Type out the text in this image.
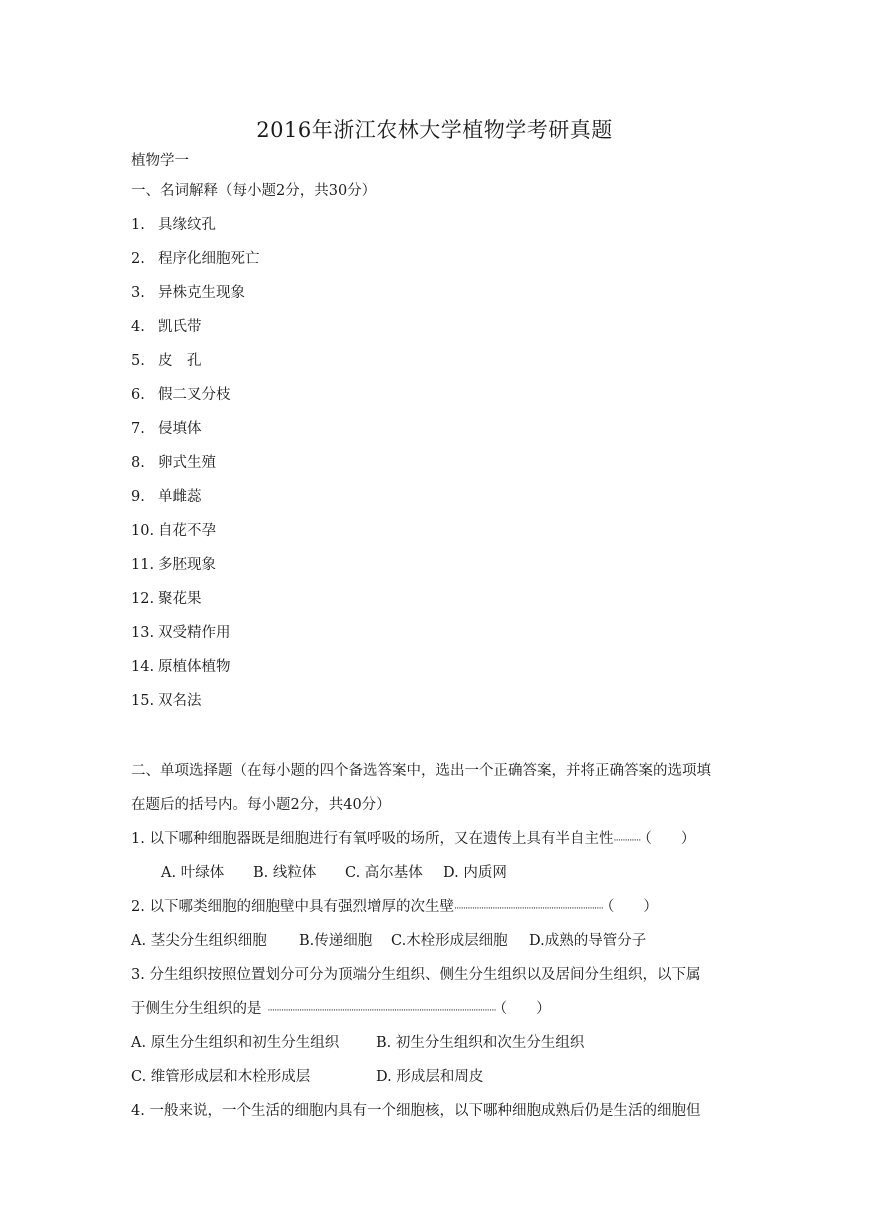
2016年浙江农林大学植物学考研真题
植物学一
一、名词解释（每小题2分，共30分）
1. 具缘纹孔
2. 程序化细胞死亡
3. 异株克生现象
4. 凯氏带
5. 皮　孔
6. 假二叉分枝
7. 侵填体
8. 卵式生殖
9. 单雌蕊
10. 自花不孕
11. 多胚现象
12. 聚花果
13. 双受精作用
14. 原植体植物
15. 双名法
二、单项选择题（在每小题的四个备选答案中，选出一个正确答案，并将正确答案的选项填
在题后的括号内。每小题2分，共40分）
1. 以下哪种细胞器既是细胞进行有氧呼吸的场所，又在遗传上具有半自主性············ （　　）
A. 叶绿体 B. 线粒体 C. 高尔基体 D. 内质网
2. 以下哪类细胞的细胞壁中具有强烈增厚的次生壁·································································· （　　）
A. 茎尖分生组织细胞 B.传递细胞 C.木栓形成层细胞 D.成熟的导管分子
3. 分生组织按照位置划分可分为顶端分生组织、侧生分生组织以及居间分生组织，以下属
于侧生分生组织的是 ····································································································· （　　）
A. 原生分生组织和初生分生组织	B. 初生分生组织和次生分生组织
C. 维管形成层和木栓形成层	D. 形成层和周皮
4. 一般来说，一个生活的细胞内具有一个细胞核，以下哪种细胞成熟后仍是生活的细胞但
